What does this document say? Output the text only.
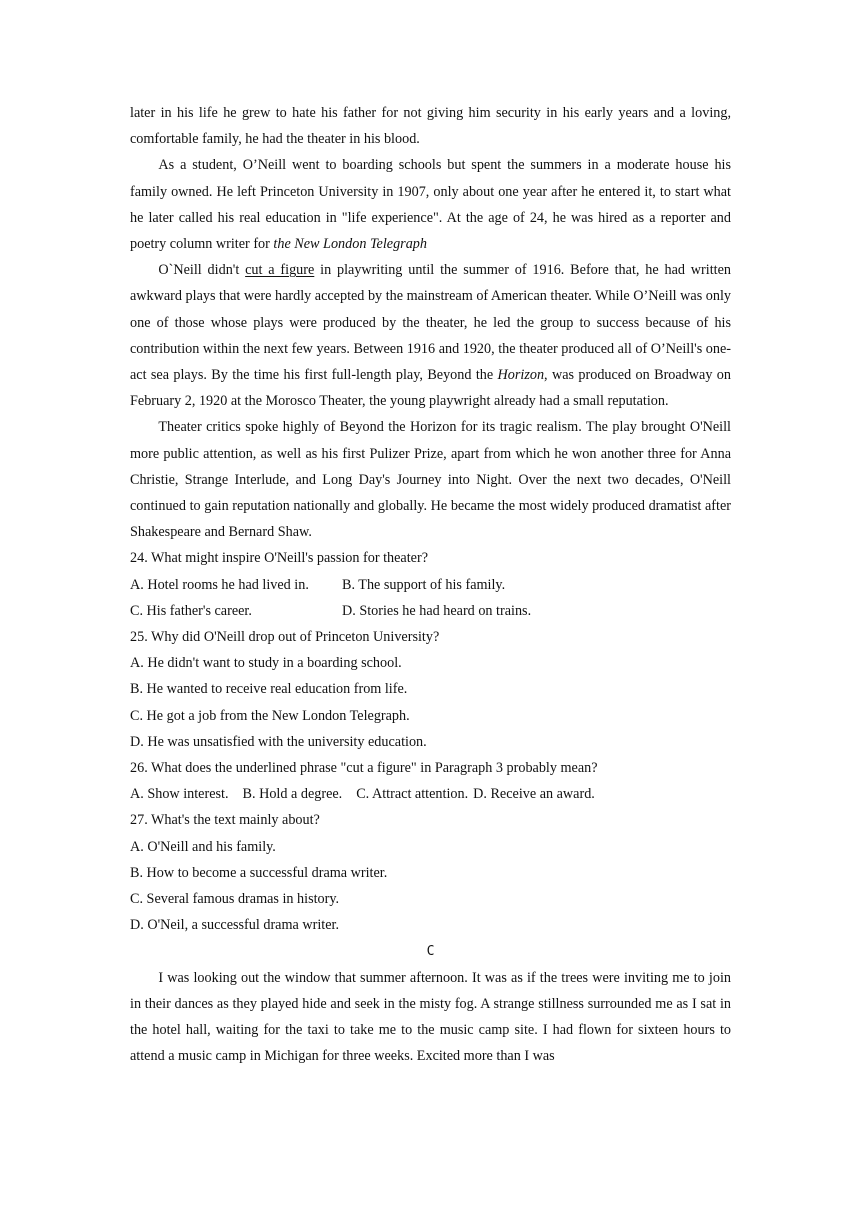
later in his life he grew to hate his father for not giving him security in his early years and a loving, comfortable family, he had the theater in his blood.

As a student, O’Neill went to boarding schools but spent the summers in a moderate house his family owned. He left Princeton University in 1907, only about one year after he entered it, to start what he later called his real education in "life experience". At the age of 24, he was hired as a reporter and poetry column writer for the New London Telegraph

O`Neill didn't cut a figure in playwriting until the summer of 1916. Before that, he had written awkward plays that were hardly accepted by the mainstream of American theater. While O’Neill was only one of those whose plays were produced by the theater, he led the group to success because of his contribution within the next few years. Between 1916 and 1920, the theater produced all of O’Neill's one-act sea plays. By the time his first full-length play, Beyond the Horizon, was produced on Broadway on February 2, 1920 at the Morosco Theater, the young playwright already had a small reputation.

Theater critics spoke highly of Beyond the Horizon for its tragic realism. The play brought O'Neill more public attention, as well as his first Pulizer Prize, apart from which he won another three for Anna Christie, Strange Interlude, and Long Day's Journey into Night. Over the next two decades, O'Neill continued to gain reputation nationally and globally. He became the most widely produced dramatist after Shakespeare and Bernard Shaw.

24. What might inspire O'Neill's passion for theater?

A. Hotel rooms he had lived in.	B. The support of his family.
C. His father's career.	D. Stories he had heard on trains.

25. Why did O'Neill drop out of Princeton University?

A. He didn't want to study in a boarding school.

B. He wanted to receive real education from life.

C. He got a job from the New London Telegraph.

D. He was unsatisfied with the university education.

26. What does the underlined phrase "cut a figure" in Paragraph 3 probably mean?

A. Show interest. B. Hold a degree. C. Attract attention. D. Receive an award.

27. What's the text mainly about?

A. O'Neill and his family.

B. How to become a successful drama writer.

C. Several famous dramas in history.

D. O'Neil, a successful drama writer.

C

I was looking out the window that summer afternoon. It was as if the trees were inviting me to join in their dances as they played hide and seek in the misty fog. A strange stillness surrounded me as I sat in the hotel hall, waiting for the taxi to take me to the music camp site. I had flown for sixteen hours to attend a music camp in Michigan for three weeks. Excited more than I was
